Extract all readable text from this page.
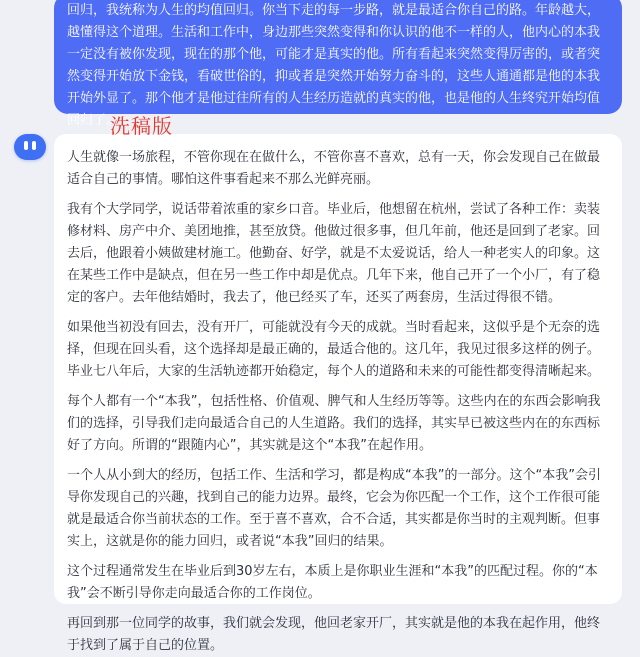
回归，我统称为人生的均值回归。你当下走的每一步路，就是最适合你自己的路。年龄越大，越懂得这个道理。生活和工作中，身边那些突然变得和你认识的他不一样的人，他内心的本我一定没有被你发现，现在的那个他，可能才是真实的他。所有看起来突然变得厉害的，或者突然变得开始放下金钱，看破世俗的，抑或者是突然开始努力奋斗的，这些人通通都是他的本我开始外显了。那个他才是他过往所有的人生经历造就的真实的他，也是他的人生终究开始均值回归了。

人生就像一场旅程，不管你现在在做什么，不管你喜不喜欢，总有一天，你会发现自己在做最适合自己的事情。哪怕这件事看起来不那么光鲜亮丽。

我有个大学同学，说话带着浓重的家乡口音。毕业后，他想留在杭州，尝试了各种工作：卖装修材料、房产中介、美团地推，甚至放贷。他做过很多事，但几年前，他还是回到了老家。回去后，他跟着小姨做建材施工。他勤奋、好学，就是不太爱说话，给人一种老实人的印象。这在某些工作中是缺点，但在另一些工作中却是优点。几年下来，他自己开了一个小厂，有了稳定的客户。去年他结婚时，我去了，他已经买了车，还买了两套房，生活过得很不错。

如果他当初没有回去，没有开厂，可能就没有今天的成就。当时看起来，这似乎是个无奈的选择，但现在回头看，这个选择却是最正确的，最适合他的。这几年，我见过很多这样的例子。毕业七八年后，大家的生活轨迹都开始稳定，每个人的道路和未来的可能性都变得清晰起来。

每个人都有一个“本我”，包括性格、价值观、脾气和人生经历等等。这些内在的东西会影响我们的选择，引导我们走向最适合自己的人生道路。我们的选择，其实早已被这些内在的东西标好了方向。所谓的“跟随内心”，其实就是这个“本我”在起作用。

一个人从小到大的经历，包括工作、生活和学习，都是构成“本我”的一部分。这个“本我”会引导你发现自己的兴趣，找到自己的能力边界。最终，它会为你匹配一个工作，这个工作很可能就是最适合你当前状态的工作。至于喜不喜欢，合不合适，其实都是你当时的主观判断。但事实上，这就是你的能力回归，或者说“本我”回归的结果。

这个过程通常发生在毕业后到30岁左右，本质上是你职业生涯和“本我”的匹配过程。你的“本我”会不断引导你走向最适合你的工作岗位。

再回到那一位同学的故事，我们就会发现，他回老家开厂，其实就是他的本我在起作用，他终于找到了属于自己的位置。

洗稿版
